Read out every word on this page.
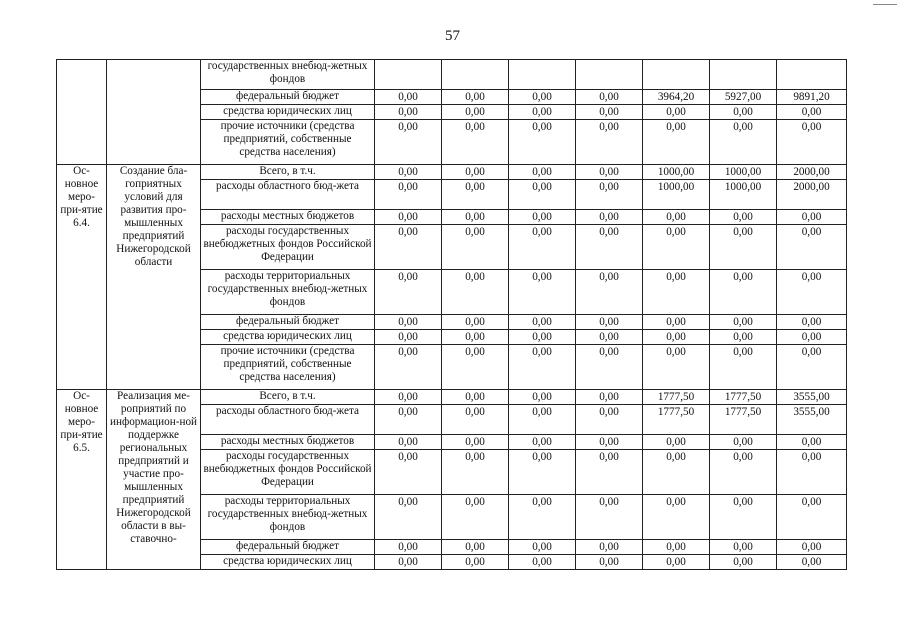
57
		государственных внебюд-жетных фондов							
		федеральный бюджет	0,00	0,00	0,00	0,00	3964,20	5927,00	9891,20
		средства юридических лиц	0,00	0,00	0,00	0,00	0,00	0,00	0,00
		прочие источники (средства предприятий, собственные средства населения)	0,00	0,00	0,00	0,00	0,00	0,00	0,00
Ос-новное меро-при-ятие 6.4.	Создание бла-гоприятных условий для развития про-мышленных предприятий Нижегородской области	Всего, в т.ч.	0,00	0,00	0,00	0,00	1000,00	1000,00	2000,00
		расходы областного бюд-жета	0,00	0,00	0,00	0,00	1000,00	1000,00	2000,00
		расходы местных бюджетов	0,00	0,00	0,00	0,00	0,00	0,00	0,00
		расходы государственных внебюджетных фондов Российской Федерации	0,00	0,00	0,00	0,00	0,00	0,00	0,00
		расходы территориальных государственных внебюд-жетных фондов	0,00	0,00	0,00	0,00	0,00	0,00	0,00
		федеральный бюджет	0,00	0,00	0,00	0,00	0,00	0,00	0,00
		средства юридических лиц	0,00	0,00	0,00	0,00	0,00	0,00	0,00
		прочие источники (средства предприятий, собственные средства населения)	0,00	0,00	0,00	0,00	0,00	0,00	0,00
Ос-новное меро-при-ятие 6.5.	Реализация ме-роприятий по информацион-ной поддержке региональных предприятий и участие про-мышленных предприятий Нижегородской области в вы-ставочно-	Всего, в т.ч.	0,00	0,00	0,00	0,00	1777,50	1777,50	3555,00
		расходы областного бюд-жета	0,00	0,00	0,00	0,00	1777,50	1777,50	3555,00
		расходы местных бюджетов	0,00	0,00	0,00	0,00	0,00	0,00	0,00
		расходы государственных внебюджетных фондов Российской Федерации	0,00	0,00	0,00	0,00	0,00	0,00	0,00
		расходы территориальных государственных внебюд-жетных фондов	0,00	0,00	0,00	0,00	0,00	0,00	0,00
		федеральный бюджет	0,00	0,00	0,00	0,00	0,00	0,00	0,00
		средства юридических лиц	0,00	0,00	0,00	0,00	0,00	0,00	0,00
